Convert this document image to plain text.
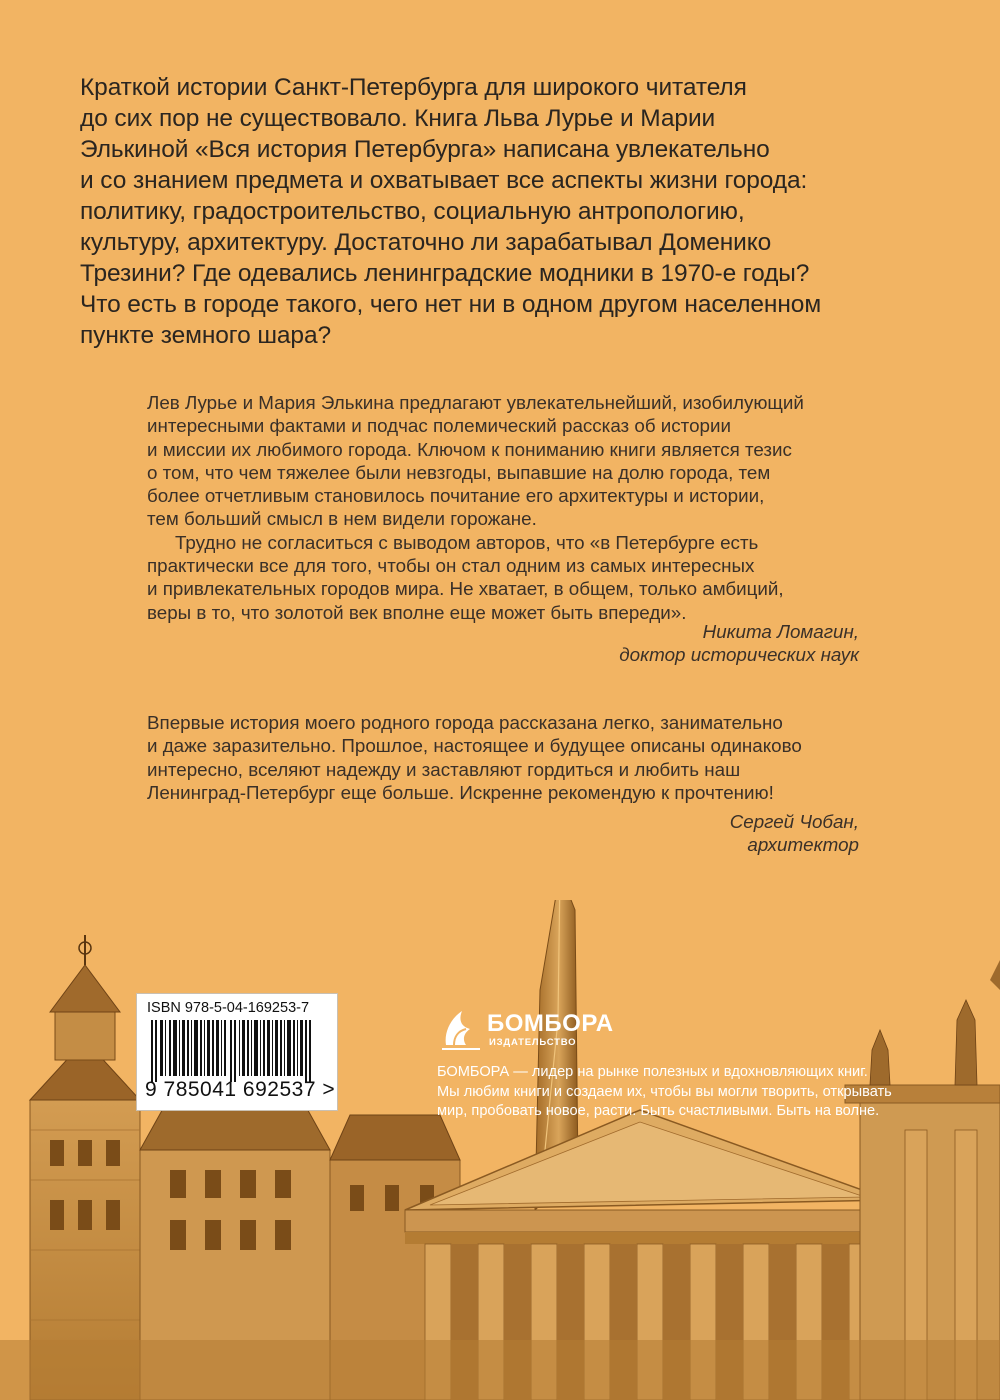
Краткой истории Санкт-Петербурга для широкого читателя
до сих пор не существовало. Книга Льва Лурье и Марии
Элькиной «Вся история Петербурга» написана увлекательно
и со знанием предмета и охватывает все аспекты жизни города:
политику, градостроительство, социальную антропологию,
культуру, архитектуру. Достаточно ли зарабатывал Доменико
Трезини? Где одевались ленинградские модники в 1970-е годы?
Что есть в городе такого, чего нет ни в одном другом населенном
пункте земного шара?

Лев Лурье и Мария Элькина предлагают увлекательнейший, изобилующий
интересными фактами и подчас полемический рассказ об истории
и миссии их любимого города. Ключом к пониманию книги является тезис
о том, что чем тяжелее были невзгоды, выпавшие на долю города, тем
более отчетливым становилось почитание его архитектуры и истории,
тем больший смысл в нем видели горожане.
Трудно не согласиться с выводом авторов, что «в Петербурге есть
практически все для того, чтобы он стал одним из самых интересных
и привлекательных городов мира. Не хватает, в общем, только амбиций,
веры в то, что золотой век вполне еще может быть впереди».

Никита Ломагин,
доктор исторических наук

Впервые история моего родного города рассказана легко, занимательно
и даже заразительно. Прошлое, настоящее и будущее описаны одинаково
интересно, вселяют надежду и заставляют гордиться и любить наш
Ленинград-Петербург еще больше. Искренне рекомендую к прочтению!

Сергей Чобан,
архитектор
ISBN 978-5-04-169253-7
9 785041 692537 >
БОМБОРА
ИЗДАТЕЛЬСТВО
БОМБОРА — лидер на рынке полезных и вдохновляющих книг.
Мы любим книги и создаем их, чтобы вы могли творить, открывать
мир, пробовать новое, расти. Быть счастливыми. Быть на волне.
